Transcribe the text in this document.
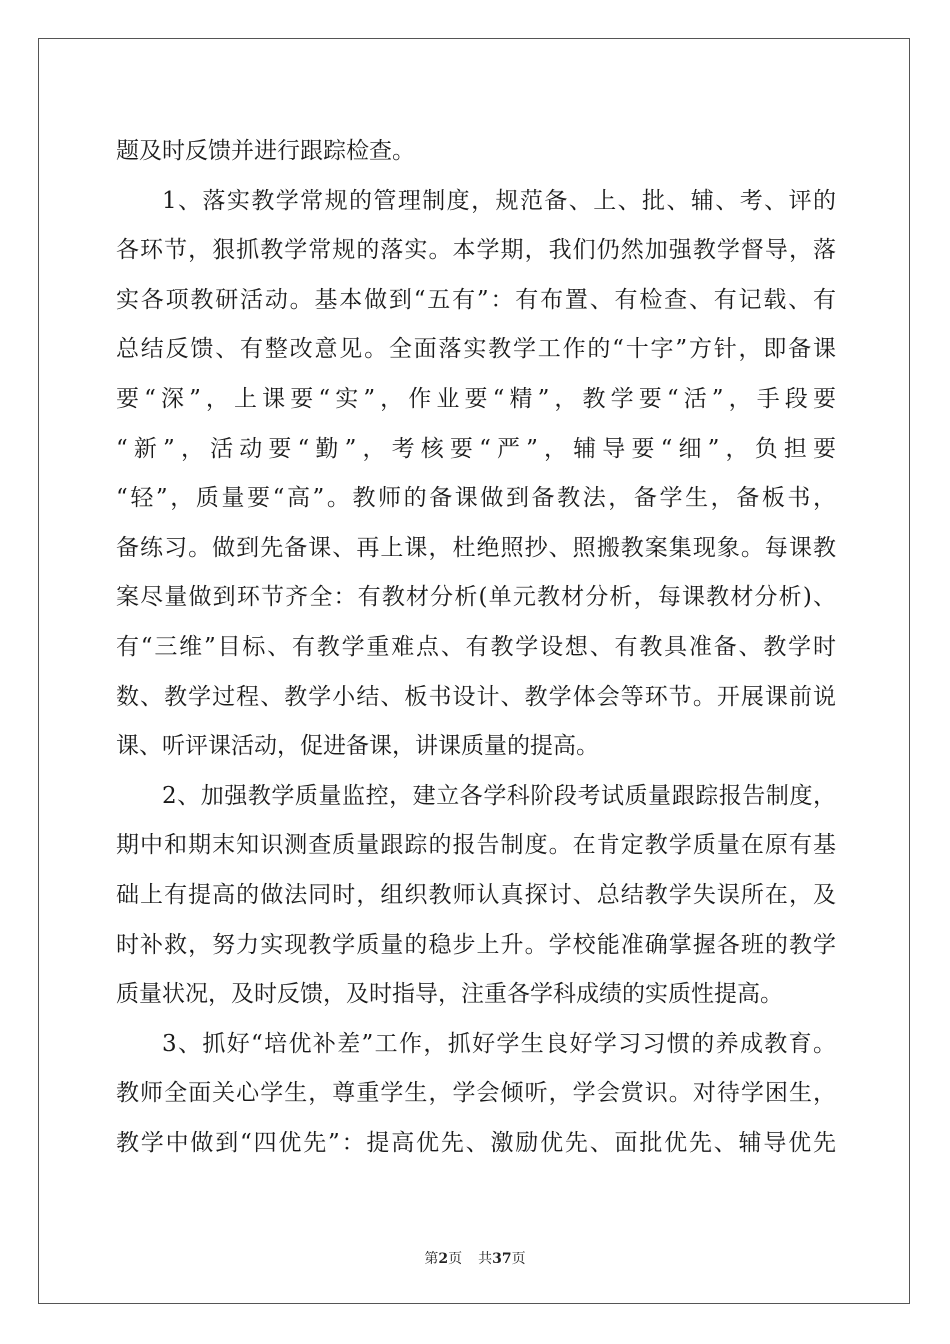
题及时反馈并进行跟踪检查。
1、落实教学常规的管理制度，规范备、上、批、辅、考、评的
各环节，狠抓教学常规的落实。本学期，我们仍然加强教学督导，落
实各项教研活动。基本做到“五有”：有布置、有检查、有记载、有
总结反馈、有整改意见。全面落实教学工作的“十字”方针，即备课
要“深”，上课要“实”，作业要“精”，教学要“活”，手段要
“新”，活动要“勤”，考核要“严”，辅导要“细”，负担要
“轻”，质量要“高”。教师的备课做到备教法，备学生，备板书，
备练习。做到先备课、再上课，杜绝照抄、照搬教案集现象。每课教
案尽量做到环节齐全：有教材分析(单元教材分析，每课教材分析)、
有“三维”目标、有教学重难点、有教学设想、有教具准备、教学时
数、教学过程、教学小结、板书设计、教学体会等环节。开展课前说
课、听评课活动，促进备课，讲课质量的提高。
2、加强教学质量监控，建立各学科阶段考试质量跟踪报告制度，
期中和期末知识测查质量跟踪的报告制度。在肯定教学质量在原有基
础上有提高的做法同时，组织教师认真探讨、总结教学失误所在，及
时补救，努力实现教学质量的稳步上升。学校能准确掌握各班的教学
质量状况，及时反馈，及时指导，注重各学科成绩的实质性提高。
3、抓好“培优补差”工作，抓好学生良好学习习惯的养成教育。
教师全面关心学生，尊重学生，学会倾听，学会赏识。对待学困生，
教学中做到“四优先”：提高优先、激励优先、面批优先、辅导优先
第2页 共37页
